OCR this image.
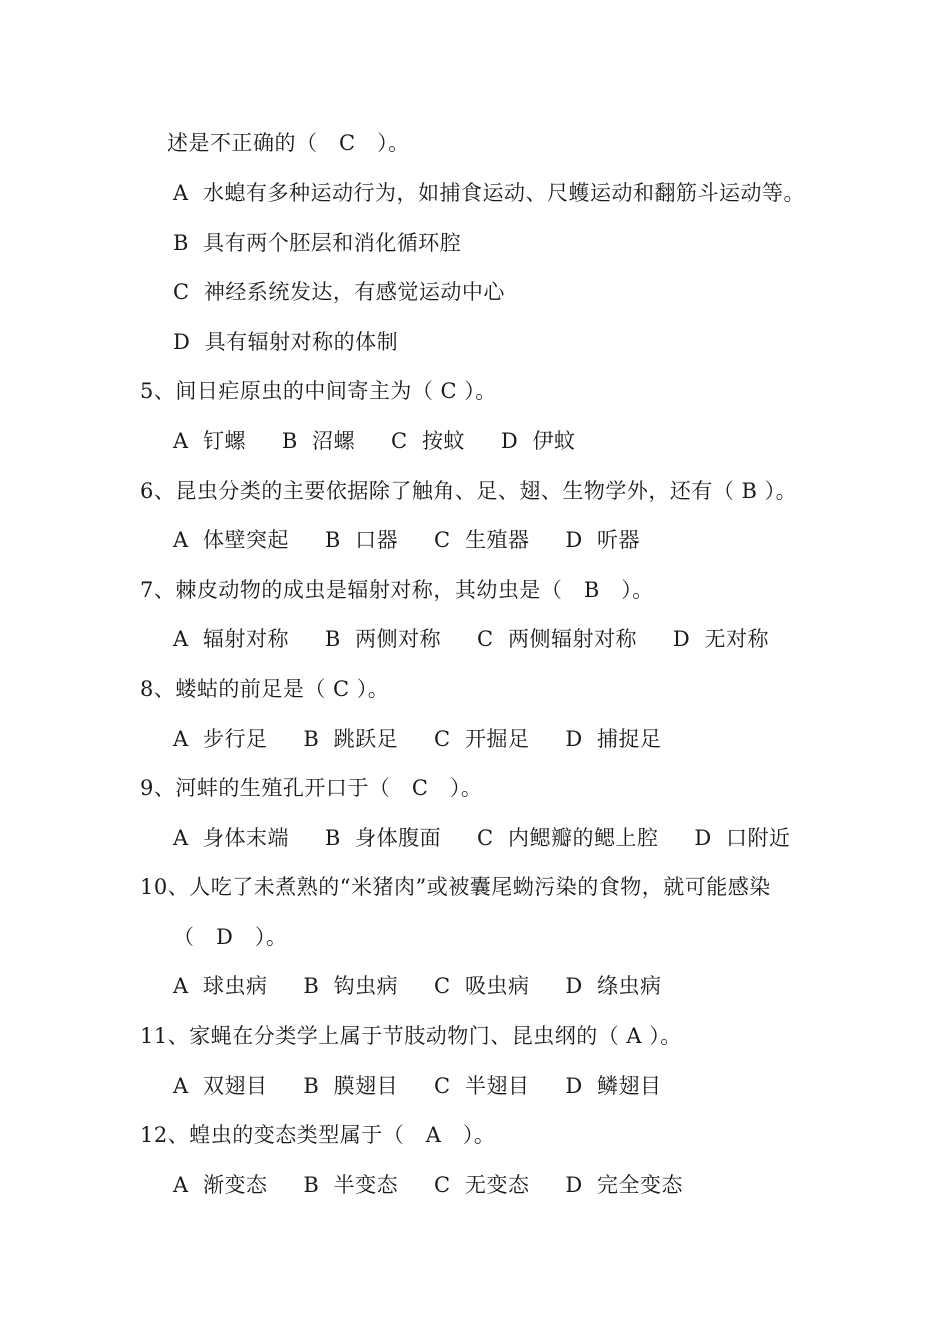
述是不正确的（　C　）。
A  水螅有多种运动行为，如捕食运动、尺蠖运动和翻筋斗运动等。
B  具有两个胚层和消化循环腔
C  神经系统发达，有感觉运动中心
D  具有辐射对称的体制
5、间日疟原虫的中间寄主为（ C ）。
A  钉螺     B  沼螺     C  按蚊     D  伊蚊
6、昆虫分类的主要依据除了触角、足、翅、生物学外，还有（ B ）。
A  体壁突起     B  口器     C  生殖器     D  听器
7、棘皮动物的成虫是辐射对称，其幼虫是（　B　）。
A  辐射对称     B  两侧对称     C  两侧辐射对称     D  无对称
8、蝼蛄的前足是（ C ）。
A  步行足     B  跳跃足     C  开掘足     D  捕捉足
9、河蚌的生殖孔开口于（　C　）。
A  身体末端     B  身体腹面     C  内鳃瓣的鳃上腔     D  口附近
10、人吃了未煮熟的“米猪肉”或被囊尾蚴污染的食物，就可能感染
（　D　）。
A  球虫病     B  钩虫病     C  吸虫病     D  绦虫病
11、家蝇在分类学上属于节肢动物门、昆虫纲的（ A ）。
A  双翅目     B  膜翅目     C  半翅目     D  鳞翅目
12、蝗虫的变态类型属于（　A　）。
A  渐变态     B  半变态     C  无变态     D  完全变态
